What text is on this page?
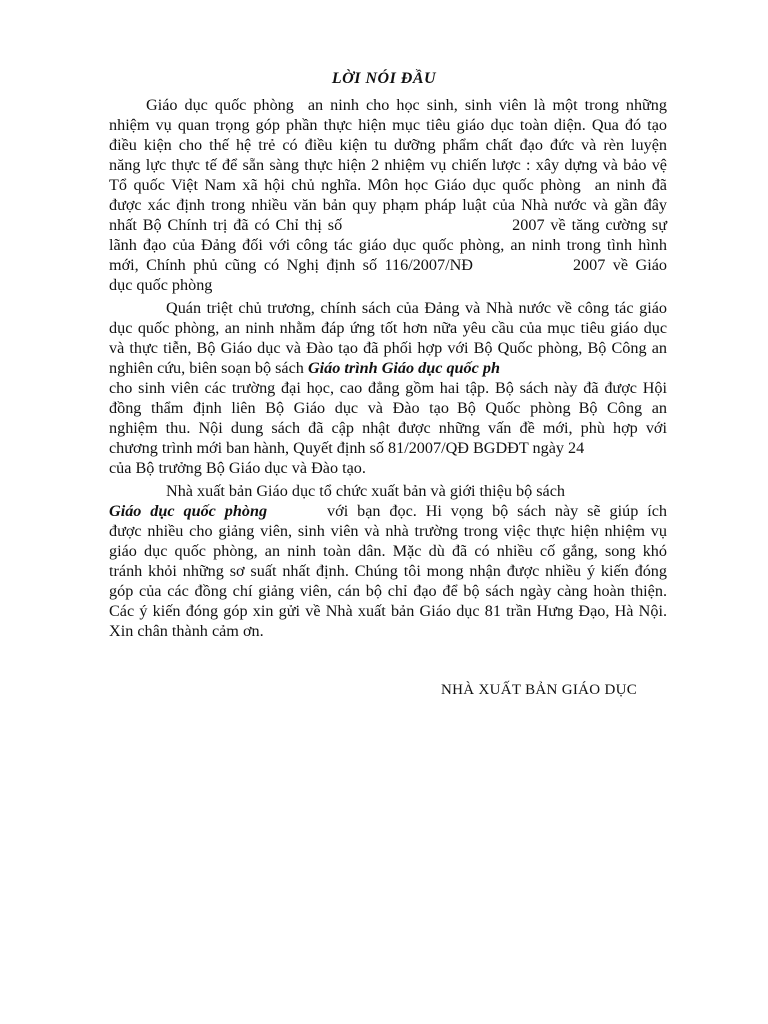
LỜI NÓI ĐẦU
Giáo dục quốc phòng an ninh cho học sinh, sinh viên là một trong những
nhiệm vụ quan trọng góp phần thực hiện mục tiêu giáo dục toàn diện. Qua đó tạo
điều kiện cho thế hệ trẻ có điều kiện tu dưỡng phẩm chất đạo đức và rèn luyện
năng lực thực tế để sẵn sàng thực hiện 2 nhiệm vụ chiến lược : xây dựng và bảo vệ
Tổ quốc Việt Nam xã hội chủ nghĩa. Môn học Giáo dục quốc phòng an ninh đã
được xác định trong nhiều văn bản quy phạm pháp luật của Nhà nước và gần đây
nhất Bộ Chính trị đã có Chỉ thị số	2007 về tăng cường sự
lãnh đạo của Đảng đối với công tác giáo dục quốc phòng, an ninh trong tình hình
mới, Chính phủ cũng có Nghị định số 116/2007/NĐ	2007 về Giáo
dục quốc phòng
Quán triệt chủ trương, chính sách của Đảng và Nhà nước về công tác giáo
dục quốc phòng, an ninh nhằm đáp ứng tốt hơn nữa yêu cầu của mục tiêu giáo dục
và thực tiễn, Bộ Giáo dục và Đào tạo đã phối hợp với Bộ Quốc phòng, Bộ Công an
nghiên cứu, biên soạn bộ sách Giáo trình Giáo dục quốc ph
cho sinh viên các trường đại học, cao đẳng gồm hai tập. Bộ sách này đã được Hội
đồng thẩm định liên Bộ Giáo dục và Đào tạo Bộ Quốc phòng Bộ Công an
nghiệm thu. Nội dung sách đã cập nhật được những vấn đề mới, phù hợp với
chương trình mới ban hành, Quyết định số 81/2007/QĐ BGDĐT ngày 24
của Bộ trưởng Bộ Giáo dục và Đào tạo.
Nhà xuất bản Giáo dục tổ chức xuất bản và giới thiệu bộ sách
Giáo dục quốc phòng	với bạn đọc. Hi vọng bộ sách này sẽ giúp ích
được nhiều cho giảng viên, sinh viên và nhà trường trong việc thực hiện nhiệm vụ
giáo dục quốc phòng, an ninh toàn dân. Mặc dù đã có nhiều cố gắng, song khó
tránh khỏi những sơ suất nhất định. Chúng tôi mong nhận được nhiều ý kiến đóng
góp của các đồng chí giảng viên, cán bộ chỉ đạo để bộ sách ngày càng hoàn thiện.
Các ý kiến đóng góp xin gửi về Nhà xuất bản Giáo dục 81 trần Hưng Đạo, Hà Nội.
Xin chân thành cảm ơn.
NHÀ XUẤT BẢN GIÁO DỤC
